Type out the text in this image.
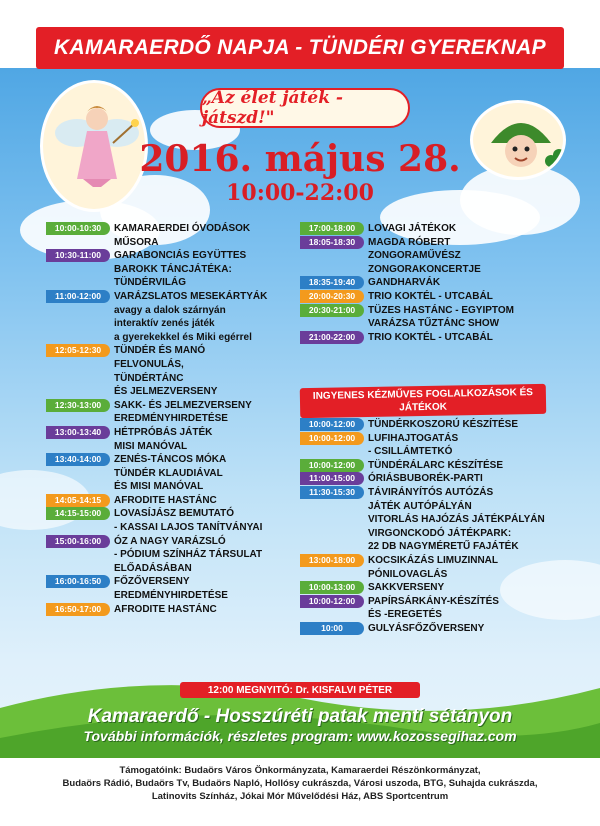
KAMARAERDŐ NAPJA - TÜNDÉRI GYEREKNAP
„Az élet játék - játszd!"
2016. május 28.
10:00-22:00
10:00-10:30	KAMARAERDEI ÓVODÁSOK
MŰSORA
10:30-11:00	GARABONCIÁS EGYÜTTES
BAROKK TÁNCJÁTÉKA:
TÜNDÉRVILÁG
11:00-12:00	VARÁZSLATOS MESEKÁRTYÁK
avagy a dalok szárnyán
interaktív zenés játék
a gyerekekkel és Miki egérrel
12:05-12:30	TÜNDÉR ÉS MANÓ
FELVONULÁS,
TÜNDÉRTÁNC
ÉS JELMEZVERSENY
12:30-13:00	SAKK- ÉS JELMEZVERSENY
EREDMÉNYHIRDETÉSE
13:00-13:40	HÉTPRÓBÁS JÁTÉK
MISI MANÓVAL
13:40-14:00	ZENÉS-TÁNCOS MÓKA
TÜNDÉR KLAUDIÁVAL
ÉS MISI MANÓVAL
14:05-14:15	AFRODITE HASTÁNC
14:15-15:00	LOVASÍJÁSZ BEMUTATÓ
- KASSAI LAJOS TANÍTVÁNYAI
15:00-16:00	ÓZ A NAGY VARÁZSLÓ
- PÓDIUM SZÍNHÁZ TÁRSULAT
ELŐADÁSÁBAN
16:00-16:50	FŐZŐVERSENY
EREDMÉNYHIRDETÉSE
16:50-17:00	AFRODITE HASTÁNC
17:00-18:00	LOVAGI JÁTÉKOK
18:05-18:30	MAGDA RÓBERT
ZONGORAMŰVÉSZ
ZONGORAKONCERTJE
18:35-19:40	GANDHARVÁK
20:00-20:30	TRIO KOKTÉL - UTCABÁL
20:30-21:00	TÜZES HASTÁNC - EGYIPTOM
VARÁZSA TŰZTÁNC SHOW
21:00-22:00	TRIO KOKTÉL - UTCABÁL
INGYENES KÉZMŰVES FOGLALKOZÁSOK ÉS JÁTÉKOK
10:00-12:00	TÜNDÉRKOSZORÚ KÉSZÍTÉSE
10:00-12:00	LUFIHAJTOGATÁS
- CSILLÁMTETKÓ
10:00-12:00	TÜNDÉRÁLARC KÉSZÍTÉSE
11:00-15:00	ÓRIÁSBUBORÉK-PARTI
11:30-15:30	TÁVIRÁNYÍTÓS AUTÓZÁS
JÁTÉK AUTÓPÁLYÁN
VITORLÁS HAJÓZÁS JÁTÉKPÁLYÁN
VIRGONCKODÓ JÁTÉKPARK:
22 DB NAGYMÉRETŰ FAJÁTÉK
13:00-18:00	KOCSIKÁZÁS LIMUZINNAL
PÓNILOVAGLÁS
10:00-13:00	SAKKVERSENY
10:00-12:00	PAPÍRSÁRKÁNY-KÉSZÍTÉS
ÉS -EREGETÉS
10:00	GULYÁSFŐZŐVERSENY
12:00 MEGNYITÓ: Dr. KISFALVI PÉTER
Kamaraerdő - Hosszúréti patak menti sétányon
További információk, részletes program: www.kozossegihaz.com
Támogatóink: Budaörs Város Önkormányzata, Kamaraerdei Részönkormányzat,
Budaörs Rádió, Budaörs Tv, Budaörs Napló, Hollósy cukrászda, Városi uszoda, BTG, Suhajda cukrászda,
Latinovits Színház, Jókai Mór Művelődési Ház, ABS Sportcentrum
